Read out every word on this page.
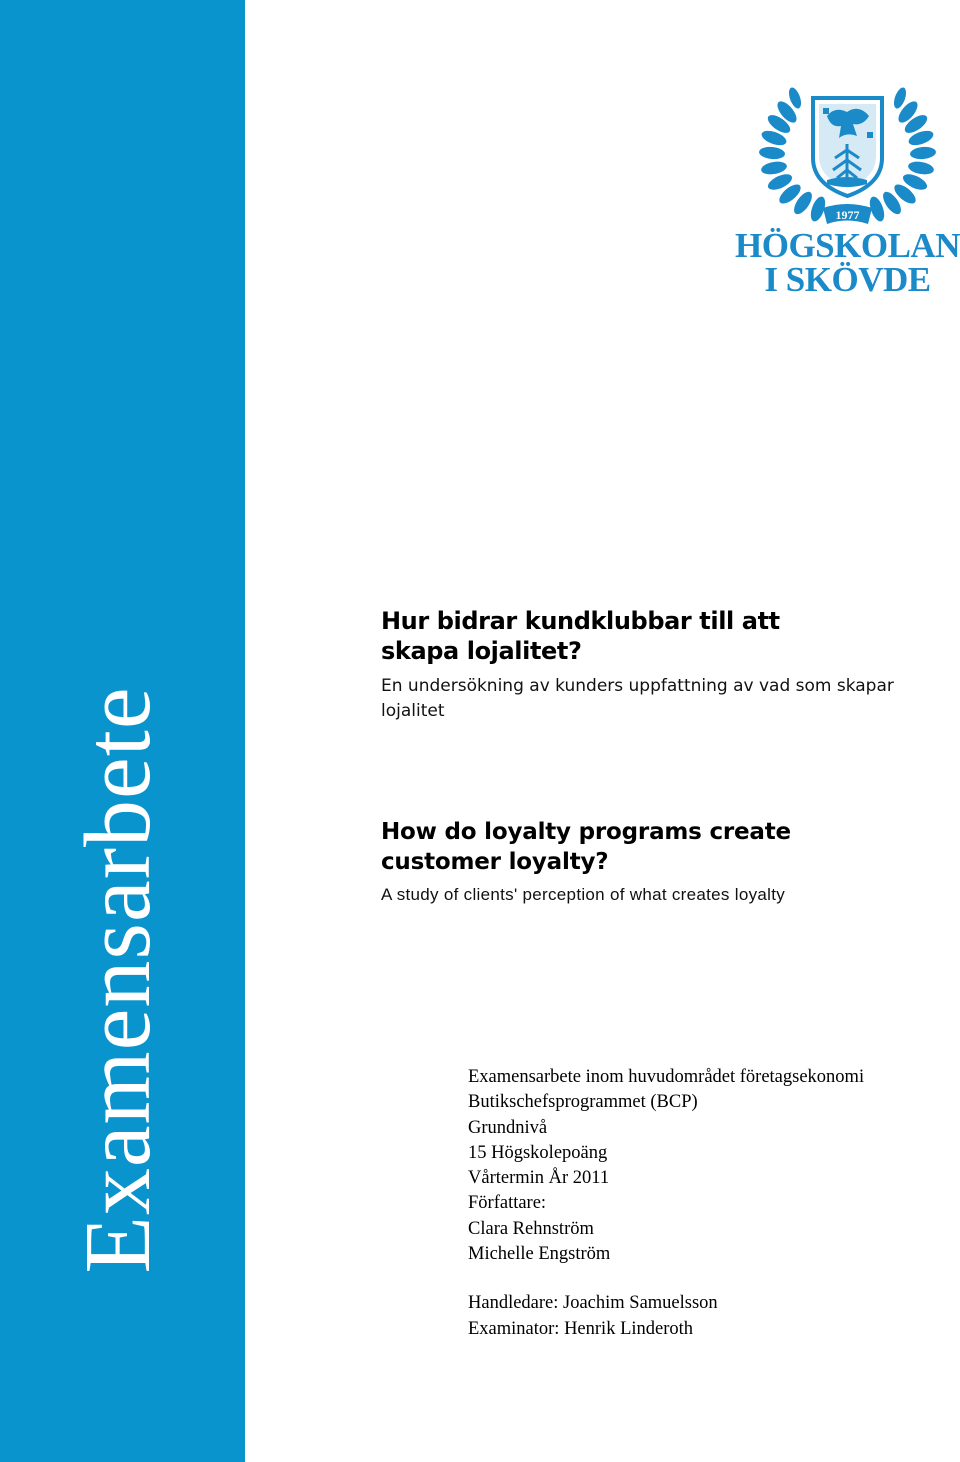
Examensarbete
1977
HÖGSKOLAN
I SKÖVDE
Hur bidrar kundklubbar till att skapa lojalitet?
En undersökning av kunders uppfattning av vad som skapar lojalitet
How do loyalty programs create customer loyalty?
A study of clients' perception of what creates loyalty
Examensarbete inom huvudområdet företagsekonomi
Butikschefsprogrammet (BCP)
Grundnivå
15 Högskolepoäng
Vårtermin År 2011
Författare:
Clara Rehnström
Michelle Engström
Handledare: Joachim Samuelsson
Examinator: Henrik Linderoth
